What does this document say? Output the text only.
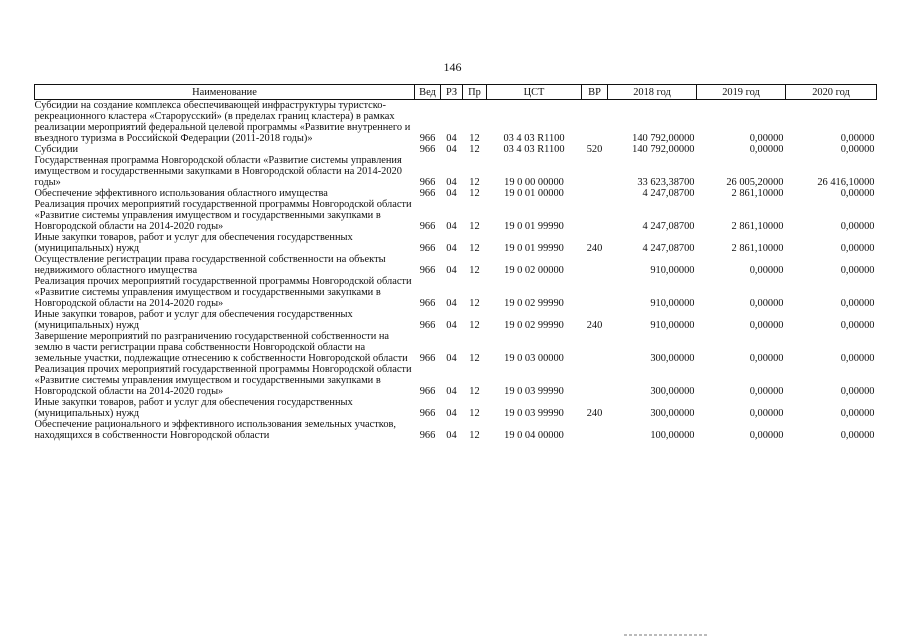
146
Наименование	Вед	РЗ	Пр	ЦСТ	ВР	2018 год	2019 год	2020 год
Субсидии на создание комплекса обеспечивающей инфраструктуры туристско-рекреационного кластера «Старорусский» (в пределах границ кластера) в рамках реализации мероприятий федеральной целевой программы «Развитие внутреннего и въездного туризма в Российской Федерации (2011-2018 годы)»	966	04	12	03 4 03 R1100		140 792,00000	0,00000	0,00000
Субсидии	966	04	12	03 4 03 R1100	520	140 792,00000	0,00000	0,00000
Государственная программа Новгородской области «Развитие системы управления имуществом и государственными закупками в Новгородской области на 2014-2020 годы»	966	04	12	19 0 00 00000		33 623,38700	26 005,20000	26 416,10000
Обеспечение эффективного использования областного имущества	966	04	12	19 0 01 00000		4 247,08700	2 861,10000	0,00000
Реализация прочих мероприятий государственной программы Новгородской области «Развитие системы управления имуществом и государственными закупками в Новгородской области на 2014-2020 годы»	966	04	12	19 0 01 99990		4 247,08700	2 861,10000	0,00000
Иные закупки товаров, работ и услуг для обеспечения государственных (муниципальных) нужд	966	04	12	19 0 01 99990	240	4 247,08700	2 861,10000	0,00000
Осуществление регистрации права государственной собственности на объекты недвижимого областного имущества	966	04	12	19 0 02 00000		910,00000	0,00000	0,00000
Реализация прочих мероприятий государственной программы Новгородской области «Развитие системы управления имуществом и государственными закупками в Новгородской области на 2014-2020 годы»	966	04	12	19 0 02 99990		910,00000	0,00000	0,00000
Иные закупки товаров, работ и услуг для обеспечения государственных (муниципальных) нужд	966	04	12	19 0 02 99990	240	910,00000	0,00000	0,00000
Завершение мероприятий по разграничению государственной собственности на землю в части регистрации права собственности Новгородской области на земельные участки, подлежащие отнесению к собственности Новгородской области	966	04	12	19 0 03 00000		300,00000	0,00000	0,00000
Реализация прочих мероприятий государственной программы Новгородской области «Развитие системы управления имуществом и государственными закупками в Новгородской области на 2014-2020 годы»	966	04	12	19 0 03 99990		300,00000	0,00000	0,00000
Иные закупки товаров, работ и услуг для обеспечения государственных (муниципальных) нужд	966	04	12	19 0 03 99990	240	300,00000	0,00000	0,00000
Обеспечение рационального и эффективного использования земельных участков, находящихся в собственности Новгородской области	966	04	12	19 0 04 00000		100,00000	0,00000	0,00000
